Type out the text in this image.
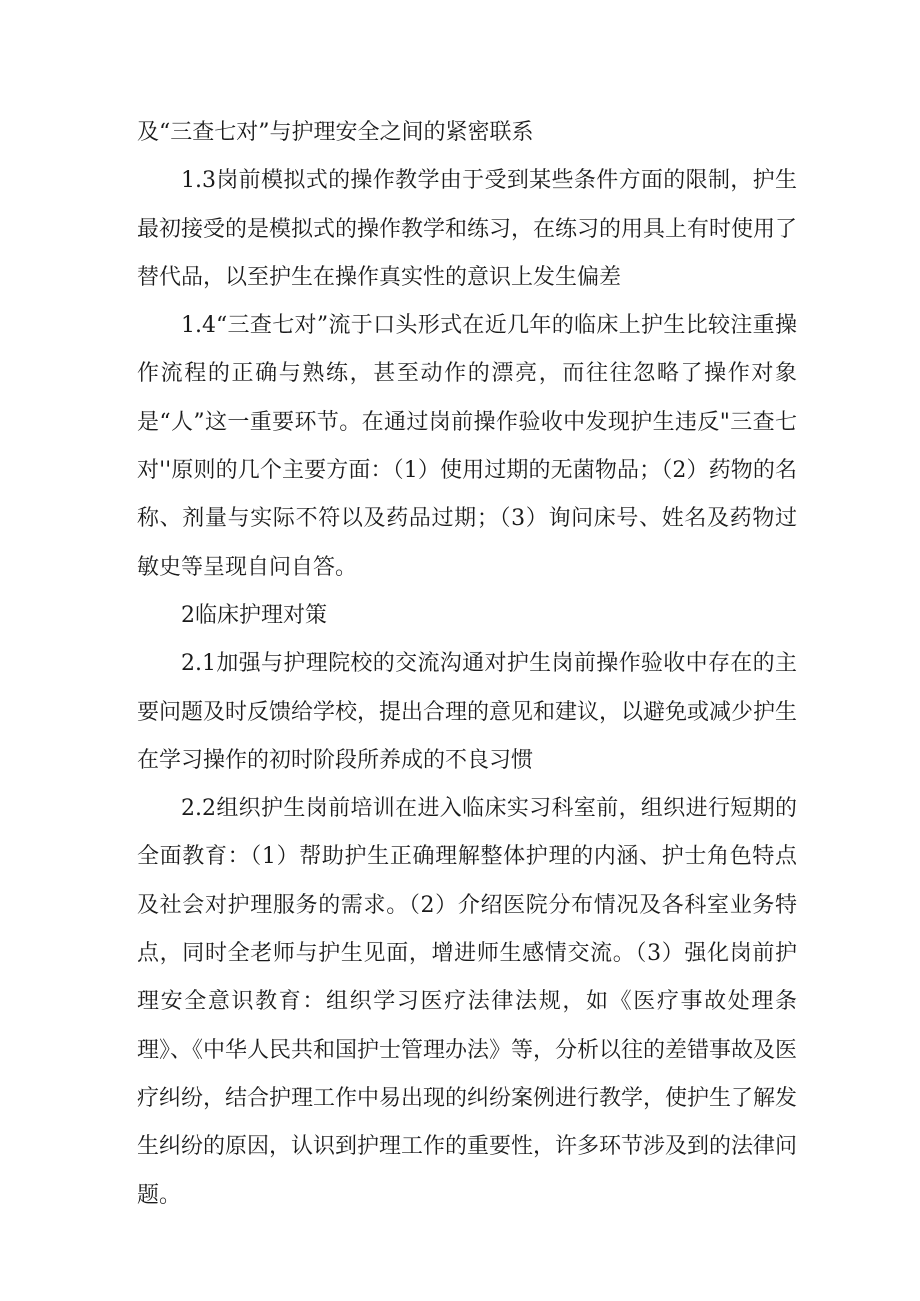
及“三查七对”与护理安全之间的紧密联系

1.3岗前模拟式的操作教学由于受到某些条件方面的限制，护生最初接受的是模拟式的操作教学和练习，在练习的用具上有时使用了替代品，以至护生在操作真实性的意识上发生偏差

1.4“三查七对”流于口头形式在近几年的临床上护生比较注重操作流程的正确与熟练，甚至动作的漂亮，而往往忽略了操作对象是“人”这一重要环节。在通过岗前操作验收中发现护生违反"三查七对''原则的几个主要方面：（1）使用过期的无菌物品；（2）药物的名称、剂量与实际不符以及药品过期；（3）询问床号、姓名及药物过敏史等呈现自问自答。

2临床护理对策

2.1加强与护理院校的交流沟通对护生岗前操作验收中存在的主要问题及时反馈给学校，提出合理的意见和建议，以避免或减少护生在学习操作的初时阶段所养成的不良习惯

2.2组织护生岗前培训在进入临床实习科室前，组织进行短期的全面教育：（1）帮助护生正确理解整体护理的内涵、护士角色特点及社会对护理服务的需求。（2）介绍医院分布情况及各科室业务特点，同时全老师与护生见面，增进师生感情交流。（3）强化岗前护理安全意识教育：组织学习医疗法律法规，如《医疗事故处理条理》、《中华人民共和国护士管理办法》等，分析以往的差错事故及医疗纠纷，结合护理工作中易出现的纠纷案例进行教学，使护生了解发生纠纷的原因，认识到护理工作的重要性，许多环节涉及到的法律问题。
